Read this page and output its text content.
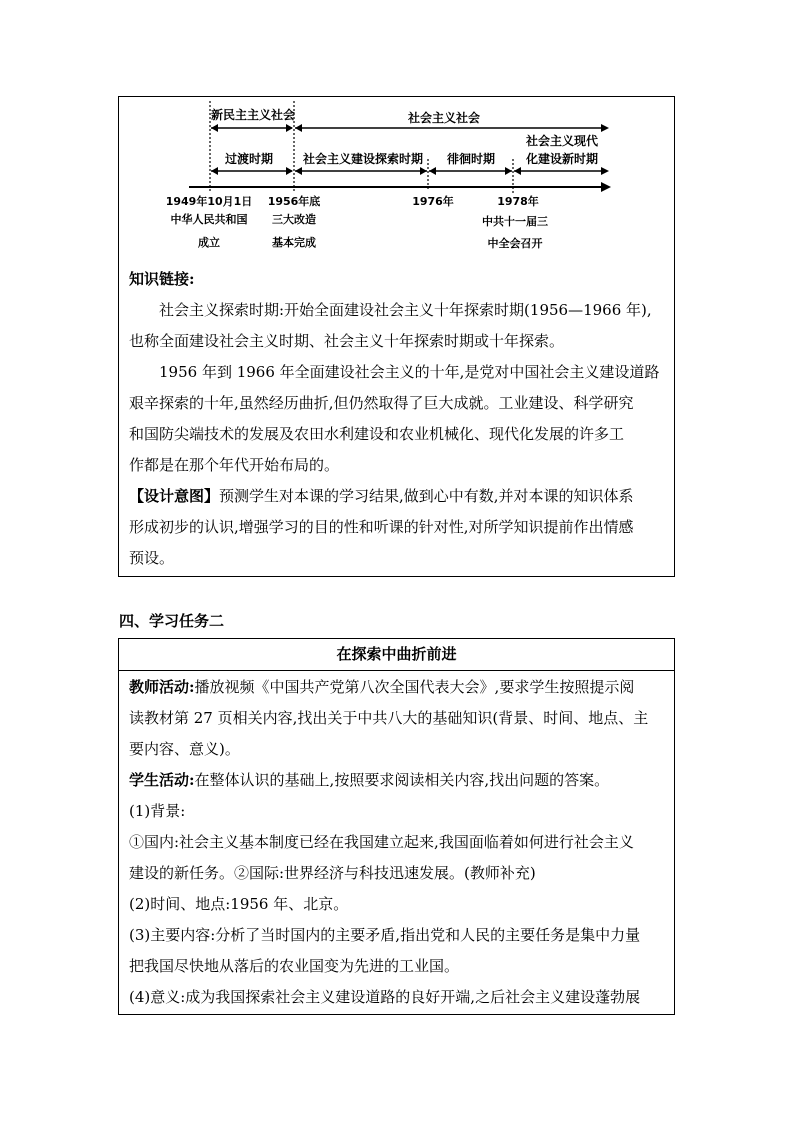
新民主主义社会	社会主义社会
过渡时期 社会主义建设探索时期 徘徊时期
社会主义现代
化建设新时期
1949年10月1日
中华人民共和国
成立
1956年底
三大改造
基本完成
1976年	1978年
中共十一届三
中全会召开
知识链接:
社会主义探索时期:开始全面建设社会主义十年探索时期(1956—1966 年),
也称全面建设社会主义时期、社会主义十年探索时期或十年探索。
1956 年到 1966 年全面建设社会主义的十年,是党对中国社会主义建设道路
艰辛探索的十年,虽然经历曲折,但仍然取得了巨大成就。工业建设、科学研究
和国防尖端技术的发展及农田水利建设和农业机械化、现代化发展的许多工
作都是在那个年代开始布局的。
【设计意图】预测学生对本课的学习结果,做到心中有数,并对本课的知识体系
形成初步的认识,增强学习的目的性和听课的针对性,对所学知识提前作出情感
预设。
四、学习任务二
在探索中曲折前进
教师活动:播放视频《中国共产党第八次全国代表大会》,要求学生按照提示阅
读教材第 27 页相关内容,找出关于中共八大的基础知识(背景、时间、地点、主
要内容、意义)。
学生活动:在整体认识的基础上,按照要求阅读相关内容,找出问题的答案。
(1)背景:
①国内:社会主义基本制度已经在我国建立起来,我国面临着如何进行社会主义
建设的新任务。②国际:世界经济与科技迅速发展。(教师补充)
(2)时间、地点:1956 年、北京。
(3)主要内容:分析了当时国内的主要矛盾,指出党和人民的主要任务是集中力量
把我国尽快地从落后的农业国变为先进的工业国。
(4)意义:成为我国探索社会主义建设道路的良好开端,之后社会主义建设蓬勃展
